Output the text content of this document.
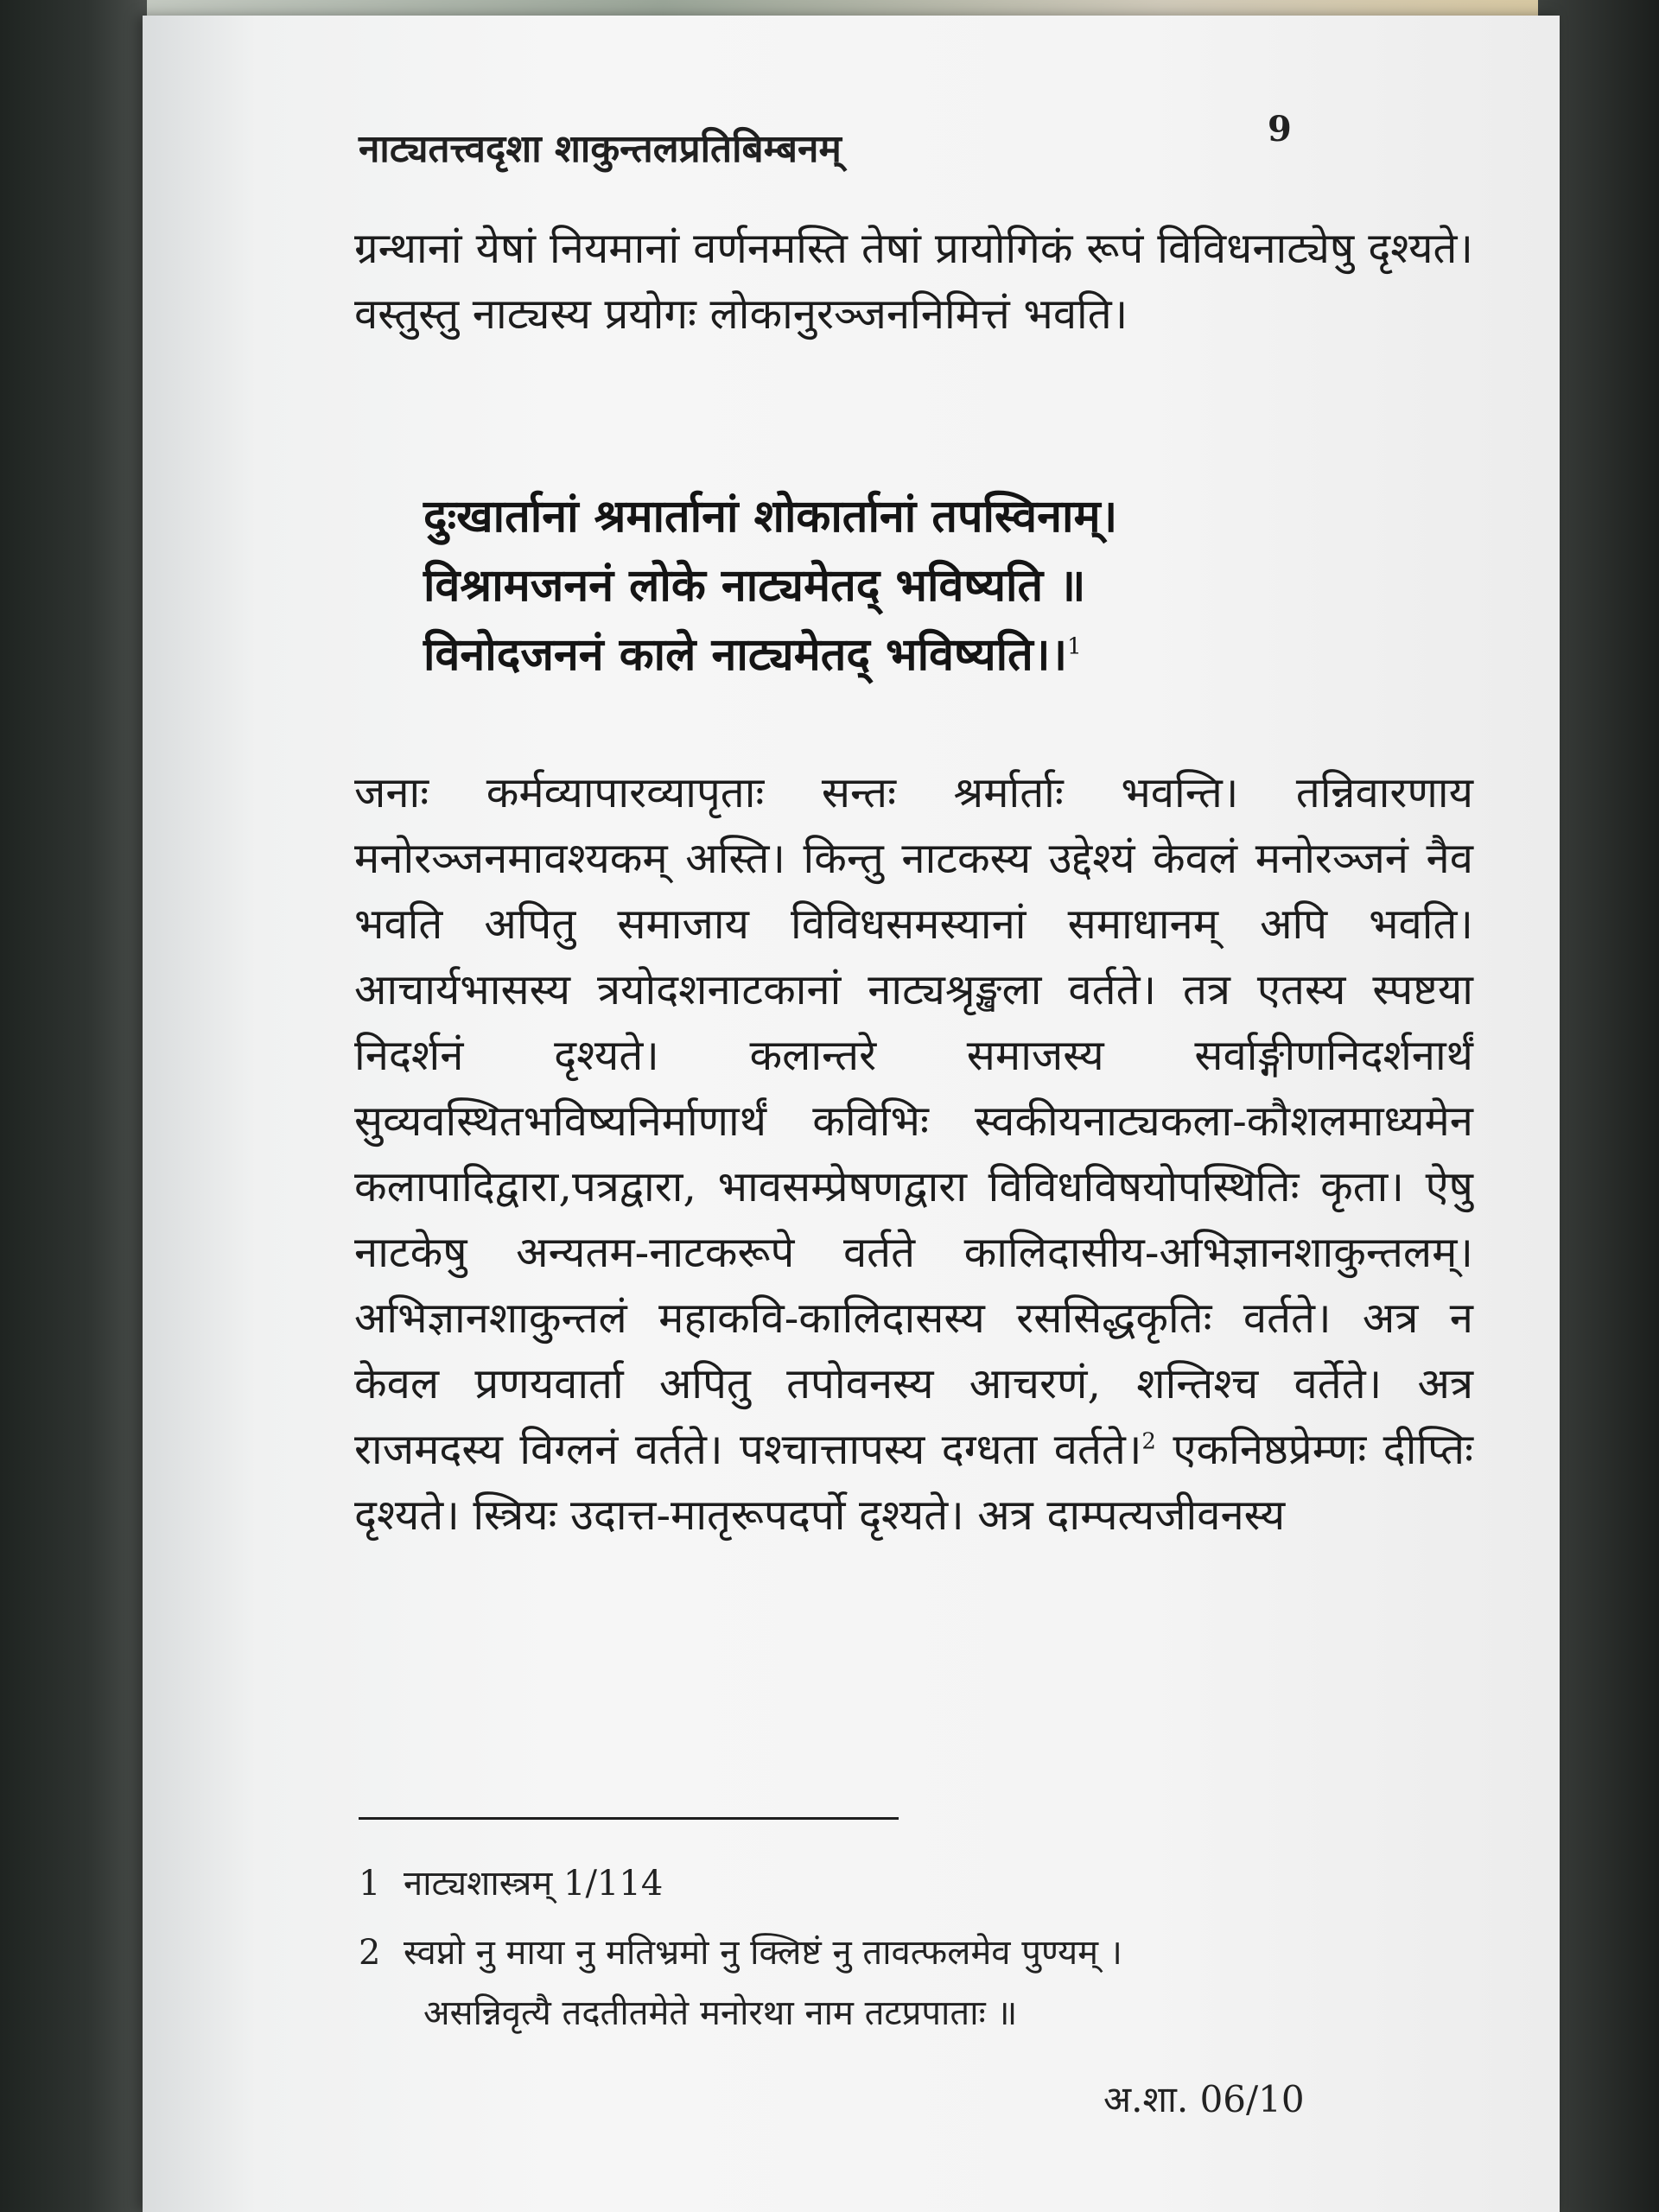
नाट्यतत्त्वदृशा शाकुन्तलप्रतिबिम्बनम्	9

ग्रन्थानां येषां नियमानां वर्णनमस्ति तेषां प्रायोगिकं रूपं विविधनाट्येषु दृश्यते। वस्तुस्तु नाट्यस्य प्रयोगः लोकानुरञ्जननिमित्तं भवति।

दुःखार्तानां श्रमार्तानां शोकार्तानां तपस्विनाम्।
विश्रामजननं लोके नाट्यमेतद् भविष्यति ॥
विनोदजननं काले नाट्यमेतद् भविष्यति।।$^1$

जनाः कर्मव्यापारव्यापृताः सन्तः श्रर्मार्ताः भवन्ति। तन्निवारणाय मनोरञ्जनमावश्यकम् अस्ति। किन्तु नाटकस्य उद्देश्यं केवलं मनोरञ्जनं नैव भवति अपितु समाजाय विविधसमस्यानां समाधानम् अपि भवति। आचार्यभासस्य त्रयोदशनाटकानां नाट्यश्रृङ्खला वर्तते। तत्र एतस्य स्पष्टया निदर्शनं दृश्यते। कलान्तरे समाजस्य सर्वाङ्गीणनिदर्शनार्थं सुव्यवस्थितभविष्यनिर्माणार्थं कविभिः स्वकीयनाट्यकला-कौशलमाध्यमेन कलापादिद्वारा,पत्रद्वारा, भावसम्प्रेषणद्वारा विविधविषयोपस्थितिः कृता। ऐषु नाटकेषु अन्यतम-नाटकरूपे वर्तते कालिदासीय-अभिज्ञानशाकुन्तलम्। अभिज्ञानशाकुन्तलं महाकवि-कालिदासस्य रससिद्धकृतिः वर्तते। अत्र न केवल प्रणयवार्ता अपितु तपोवनस्य आचरणं, शन्तिश्च वर्तेते। अत्र राजमदस्य विग्लनं वर्तते। पश्चात्तापस्य दग्धता वर्तते।$^2$ एकनिष्ठप्रेम्णः दीप्तिः दृश्यते। स्त्रियः उदात्त-मातृरूपदर्पो दृश्यते। अत्र दाम्पत्यजीवनस्य

1 नाट्यशास्त्रम् 1/114
2 स्वप्नो नु माया नु मतिभ्रमो नु क्लिष्टं नु तावत्फलमेव पुण्यम् ।
असन्निवृत्यै तदतीतमेते मनोरथा नाम तटप्रपाताः ॥
अ.शा. 06/10
